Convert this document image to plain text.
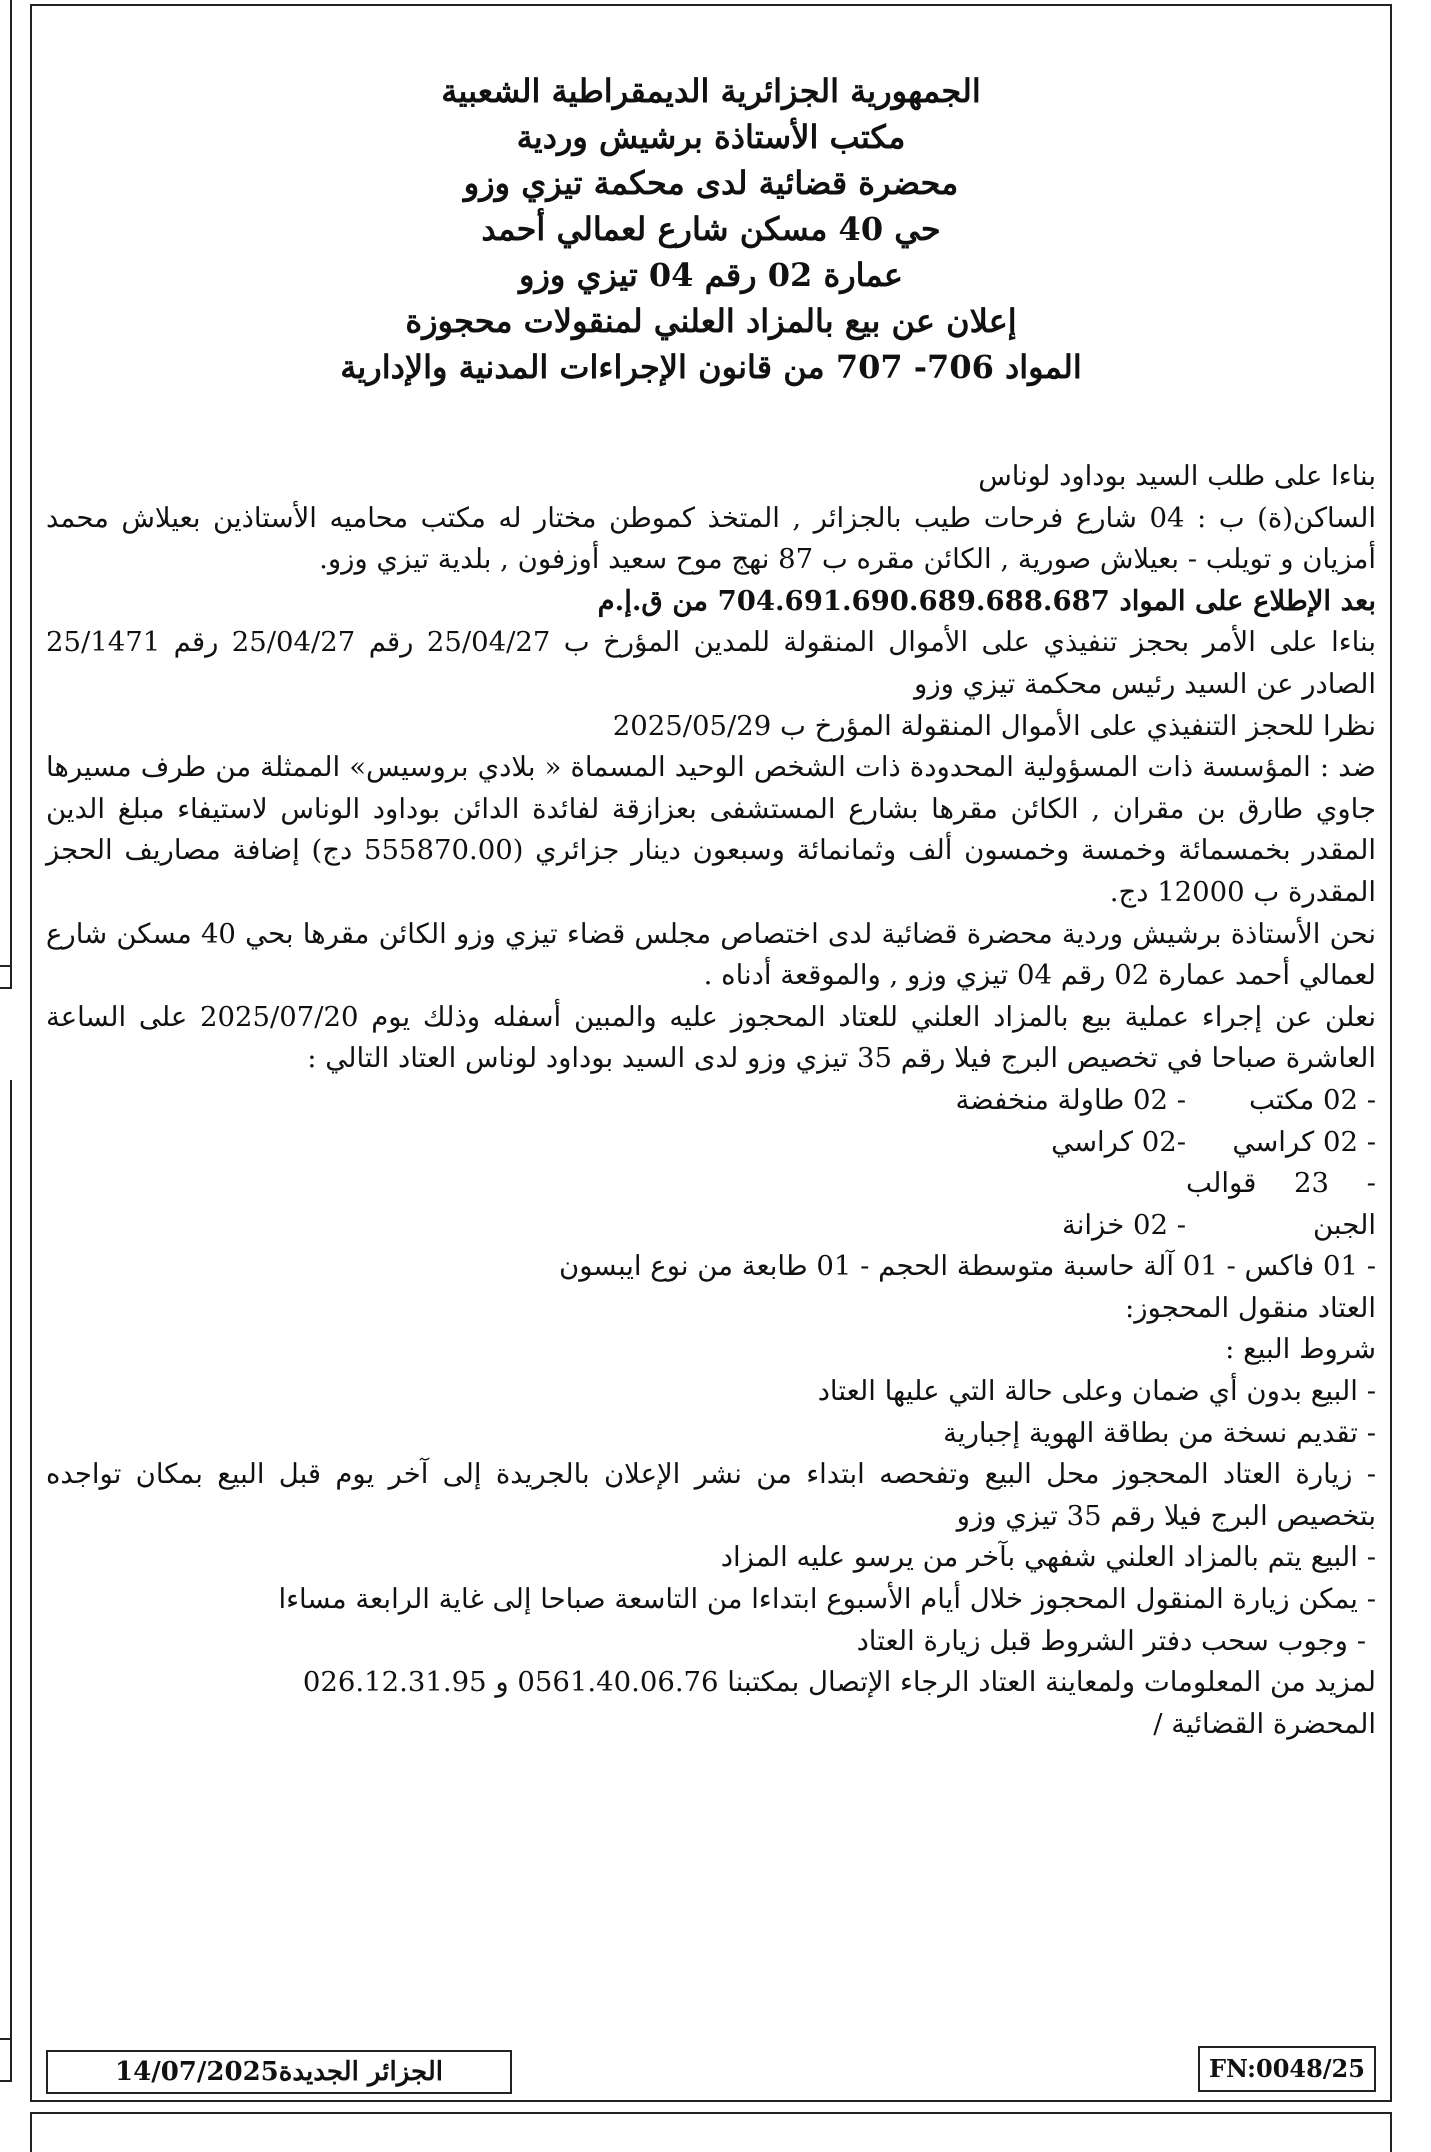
الجمهورية الجزائرية الديمقراطية الشعبية
مكتب الأستاذة برشيش وردية
محضرة قضائية لدى محكمة تيزي وزو
حي 40 مسكن شارع لعمالي أحمد
عمارة 02 رقم 04 تيزي وزو
إعلان عن بيع بالمزاد العلني لمنقولات محجوزة
المواد 706- 707 من قانون الإجراءات المدنية والإدارية

بناءا على طلب السيد بوداود لوناس

الساكن(ة) ب : 04 شارع فرحات طيب بالجزائر , المتخذ كموطن مختار له مكتب محاميه الأستاذين بعيلاش محمد أمزيان و تويلب - بعيلاش صورية , الكائن مقره ب 87 نهج موح سعيد أوزفون , بلدية تيزي وزو.

بعد الإطلاع على المواد 704.691.690.689.688.687 من ق.إ.م

بناءا على الأمر بحجز تنفيذي على الأموال المنقولة للمدين المؤرخ ب 25/04/27 رقم 25/04/27 رقم 25/1471 الصادر عن السيد رئيس محكمة تيزي وزو

نظرا للحجز التنفيذي على الأموال المنقولة المؤرخ ب 2025/05/29

ضد : المؤسسة ذات المسؤولية المحدودة ذات الشخص الوحيد المسماة « بلادي بروسيس» الممثلة من طرف مسيرها جاوي طارق بن مقران , الكائن مقرها بشارع المستشفى بعزازقة لفائدة الدائن بوداود الوناس لاستيفاء مبلغ الدين المقدر بخمسمائة وخمسة وخمسون ألف وثمانمائة وسبعون دينار جزائري (555870.00 دج) إضافة مصاريف الحجز المقدرة ب 12000 دج.

نحن الأستاذة برشيش وردية محضرة قضائية لدى اختصاص مجلس قضاء تيزي وزو الكائن مقرها بحي 40 مسكن شارع لعمالي أحمد عمارة 02 رقم 04 تيزي وزو , والموقعة أدناه .

نعلن عن إجراء عملية بيع بالمزاد العلني للعتاد المحجوز عليه والمبين أسفله وذلك يوم 2025/07/20 على الساعة العاشرة صباحا في تخصيص البرج فيلا رقم 35 تيزي وزو لدى السيد بوداود لوناس العتاد التالي :

- 02 مكتب- 02 طاولة منخفضة

- 02 كراسي-02 كراسي

- 23 قوالب الجبن- 02 خزانة

- 01 فاكس - 01 آلة حاسبة متوسطة الحجم - 01 طابعة من نوع ايبسون

العتاد منقول المحجوز:

شروط البيع :

- البيع بدون أي ضمان وعلى حالة التي عليها العتاد

- تقديم نسخة من بطاقة الهوية إجبارية

- زيارة العتاد المحجوز محل البيع وتفحصه ابتداء من نشر الإعلان بالجريدة إلى آخر يوم قبل البيع بمكان تواجده بتخصيص البرج فيلا رقم 35 تيزي وزو

- البيع يتم بالمزاد العلني شفهي بآخر من يرسو عليه المزاد

- يمكن زيارة المنقول المحجوز خلال أيام الأسبوع ابتداءا من التاسعة صباحا إلى غاية الرابعة مساءا

- وجوب سحب دفتر الشروط قبل زيارة العتاد

لمزيد من المعلومات ولمعاينة العتاد الرجاء الإتصال بمكتبنا 0561.40.06.76 و 026.12.31.95

المحضرة القضائية /

الجزائر الجديدة14/07/2025	FN:0048/25
